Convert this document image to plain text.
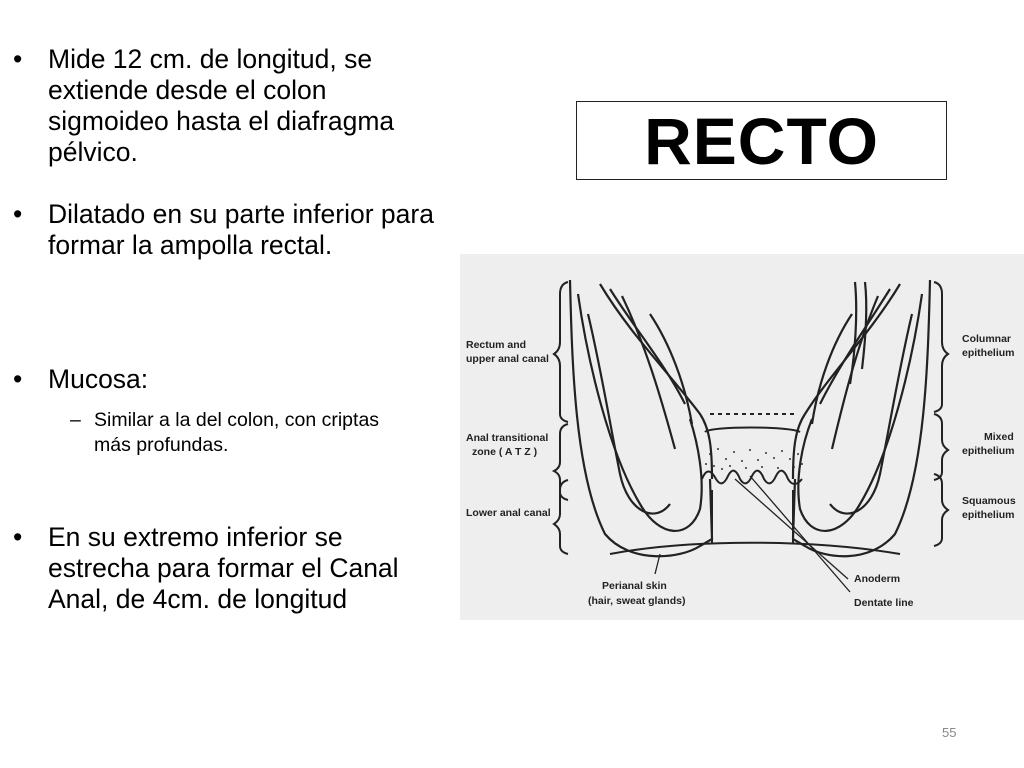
• Mide 12 cm. de longitud, se extiende desde el colon sigmoideo hasta el diafragma pélvico.
• Dilatado en su parte inferior para formar la ampolla rectal.
• Mucosa:
– Similar a la del colon, con criptas más profundas.
• En su extremo inferior se estrecha para formar el Canal Anal, de 4cm. de longitud
RECTO
Rectum and
upper anal canal
Anal transitional
zone ( A T Z )
Lower anal canal
Columnar
epithelium
Mixed
epithelium
Squamous
epithelium
Perianal skin
(hair, sweat glands)
Anoderm
Dentate line
55
